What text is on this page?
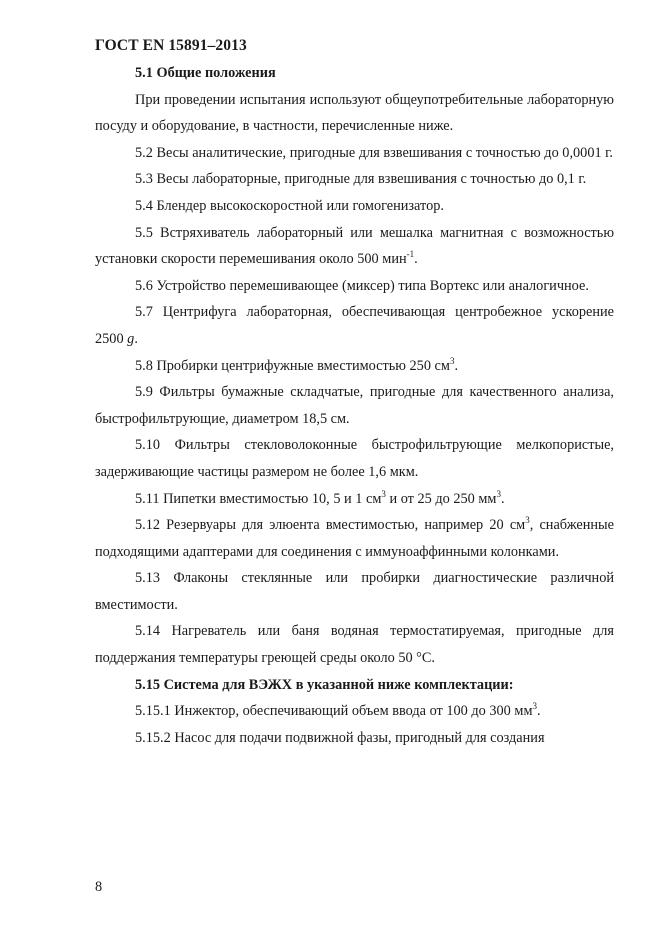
ГОСТ EN 15891–2013

5.1 Общие положения

При проведении испытания используют общеупотребительные лабораторную посуду и оборудование, в частности, перечисленные ниже.

5.2 Весы аналитические, пригодные для взвешивания с точностью до 0,0001 г.

5.3 Весы лабораторные, пригодные для взвешивания с точностью до 0,1 г.

5.4 Блендер высокоскоростной или гомогенизатор.

5.5 Встряхиватель лабораторный или мешалка магнитная с возможностью установки скорости перемешивания около 500 мин$^{-1}$.

5.6 Устройство перемешивающее (миксер) типа Вортекс или аналогичное.

5.7 Центрифуга лабораторная, обеспечивающая центробежное ускорение 2500 g.

5.8 Пробирки центрифужные вместимостью 250 $см^3$.

5.9 Фильтры бумажные складчатые, пригодные для качественного анализа, быстрофильтрующие, диаметром 18,5 см.

5.10 Фильтры стекловолоконные быстрофильтрующие мелкопористые, задерживающие частицы размером не более 1,6 мкм.

5.11 Пипетки вместимостью 10, 5 и 1 $см^3$ и от 25 до 250 $мм^3$.

5.12 Резервуары для элюента вместимостью, например 20 $см^3$, снабженные подходящими адаптерами для соединения с иммуноаффинными колонками.

5.13 Флаконы стеклянные или пробирки диагностические различной вместимости.

5.14 Нагреватель или баня водяная термостатируемая, пригодные для поддержания температуры греющей среды около 50 °С.

5.15 Система для ВЭЖХ в указанной ниже комплектации:

5.15.1 Инжектор, обеспечивающий объем ввода от 100 до 300 $мм^3$.

5.15.2 Насос для подачи подвижной фазы, пригодный для создания

8
